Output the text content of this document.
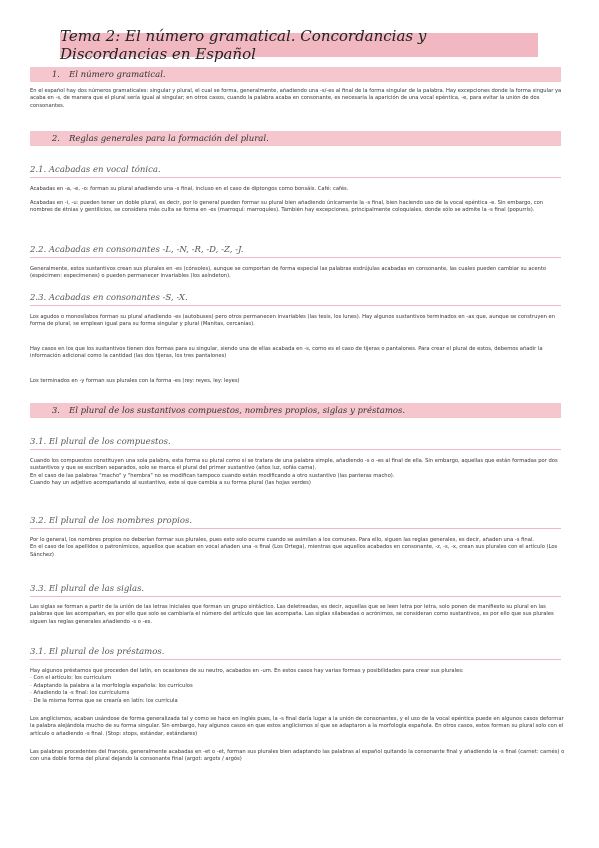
Tema 2: El número gramatical. Concordancias y Discordancias en Español
1.	El número gramatical.
En el español hay dos números gramaticales: singular y plural, el cual se forma, generalmente, añadiendo una -s/-es al final de la forma singular de la palabra. Hay excepciones donde la forma singular ya acaba en -s, de manera que el plural sería igual al singular; en otros casos, cuando la palabra acaba en consonante, es necesaria la aparición de una vocal epéntica, -e, para evitar la unión de dos consonantes.
2.	Reglas generales para la formación del plural.
2.1. Acabadas en vocal tónica.
Acabadas en -a, -e, -o: forman su plural añadiendo una -s final, incluso en el caso de diptongos como bonsáis. Café: cafés.
Acabadas en -i, -u: pueden tener un doble plural, es decir, por lo general pueden formar su plural bien añadiendo únicamente la -s final, bien haciendo uso de la vocal epéntica -e. Sin embargo, con nombres de étnias y gentilicios, se considera más culta se forma en -es (marroquí: marroquíes). También hay excepciones, principalmente coloquiales, donde sólo se admite la -s final (popurrís).
2.2. Acabadas en consonantes -L, -N, -R, -D, -Z, -J.
Generalmente, estos sustantivos crean sus plurales en -es (cónsoles), aunque se comportan de forma especial las palabras esdrújulas acabadas en consonante, las cuales pueden cambiar su acento (espécimen: especímenes) o pueden permanecer invariables (los asíndeton).
2.3. Acabadas en consonantes -S, -X.
Los agudos o monosílabos forman su plural añadiendo -es (autobuses) pero otros permanecen invariables (las tesis, los lunes). Hay algunos sustantivos terminados en -ax que, aunque se construyen en forma de plural, se emplean igual para su forma singular y plural (Manitas, cercanías).
Hay casos en los que los sustantivos tienen dos formas para su singular, siendo una de ellas acabada en -s, como es el caso de tijeras o pantalones. Para crear el plural de estos, debemos añadir la información adicional como la cantidad (las dos tijeras, los tres pantalones)
Los terminados en -y forman sus plurales con la forma -es (rey: reyes, ley: leyes)
3.	El plural de los sustantivos compuestos, nombres propios, siglas y préstamos.
3.1. El plural de los compuestos.

Cuando los compuestos constituyen una sola palabra, esta forma su plural como si se tratara de una palabra simple, añadiendo -s o -es al final de ella. Sin embargo, aquellas que están formadas por dos sustantivos y que se escriben separados, solo se marca el plural del primer sustantivo (años luz, sofás cama).

En el caso de las palabras "macho" y "hembra" no se modifican tampoco cuando están modificando a otro sustantivo (las panteras macho).

Cuando hay un adjetivo acompañando al sustantivo, este sí que cambia a su forma plural (las hojas verdes)

3.2. El plural de los nombres propios.

Por lo general, los nombres propios no deberían formar sus plurales, pues esto solo ocurre cuando se asimilan a los comunes. Para ello, siguen las reglas generales, es decir, añaden una -s final.

En el caso de los apellidos o patronímicos, aquellos que acaban en vocal añaden una -s final (Los Ortega), mientras que aquellos acabados en consonante, -z, -s, -x, crean sus plurales con el artículo (Los Sánchez)

3.3. El plural de las siglas.
Las siglas se forman a partir de la unión de las letras iniciales que forman un grupo sintáctico. Las deletreadas, es decir, aquellas que se leen letra por letra, solo ponen de manifiesto su plural en las palabras que las acompañan, es por ello que solo se cambiaría el número del artículo que las acompaña. Las siglas silabeadas o acrónimos, se consideran como sustantivos, es por ello que sus plurales siguen las reglas generales añadiendo -s o -es.
3.1. El plural de los préstamos.

Hay algunos préstamos que proceden del latín, en ocasiones de su neutro, acabados en -um. En estos casos hay varias formas y posibilidades para crear sus plurales:

- Con el artículo: los currículum
- Adaptando la palabra a la morfología española: los currículos
- Añadiendo la -s final: los currículums
- De la misma forma que se crearía en latín: los currícula
Los anglicismos, acaban usándose de forma generalizada tal y como se hace en inglés pues, la -s final daría lugar a la unión de consonantes, y el uso de la vocal epéntica puede en algunos casos deformar la palabra alejándola mucho de su forma singular. Sin embargo, hay algunos casos en que estos anglicismos sí que se adaptaron a la morfología española. En otros casos, estos forman su plural solo con el artículo o añadiendo -s final. (Stop: stops, estándar, estándares)
Las palabras procedentes del francés, generalmente acabadas en -et o -et, forman sus plurales bien adaptando las palabras al español quitando la consonante final y añadiendo la -s final (carnet: carnés) o con una doble forma del plural dejando la consonante final (argot: argots / argós)
